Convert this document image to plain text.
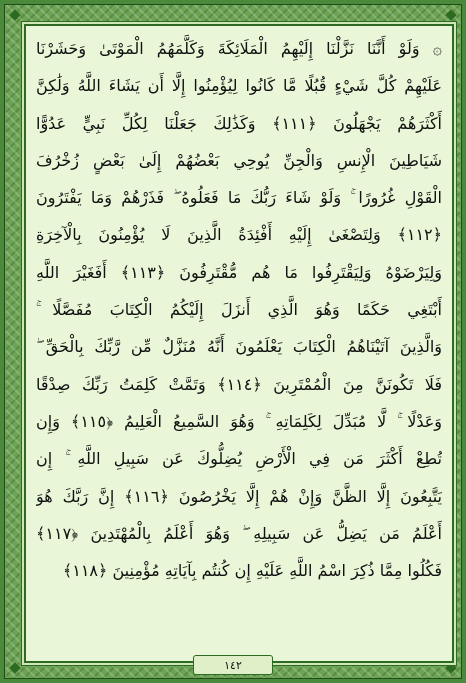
۞ وَلَوْ أَنَّنَا نَزَّلْنَا إِلَيْهِمُ الْمَلَائِكَةَ وَكَلَّمَهُمُ الْمَوْتَىٰ وَحَشَرْنَا
عَلَيْهِمْ كُلَّ شَيْءٍ قُبُلًا مَّا كَانُوا لِيُؤْمِنُوا إِلَّا أَن يَشَاءَ اللَّهُ وَلَٰكِنَّ
أَكْثَرَهُمْ يَجْهَلُونَ ﴿١١١﴾ وَكَذَٰلِكَ جَعَلْنَا لِكُلِّ نَبِيٍّ عَدُوًّا
شَيَاطِينَ الْإِنسِ وَالْجِنِّ يُوحِي بَعْضُهُمْ إِلَىٰ بَعْضٍ زُخْرُفَ
الْقَوْلِ غُرُورًا ۚ وَلَوْ شَاءَ رَبُّكَ مَا فَعَلُوهُ ۖ فَذَرْهُمْ وَمَا يَفْتَرُونَ
﴿١١٢﴾ وَلِتَصْغَىٰ إِلَيْهِ أَفْئِدَةُ الَّذِينَ لَا يُؤْمِنُونَ بِالْآخِرَةِ
وَلِيَرْضَوْهُ وَلِيَقْتَرِفُوا مَا هُم مُّقْتَرِفُونَ ﴿١١٣﴾ أَفَغَيْرَ اللَّهِ
أَبْتَغِي حَكَمًا وَهُوَ الَّذِي أَنزَلَ إِلَيْكُمُ الْكِتَابَ مُفَصَّلًا ۚ
وَالَّذِينَ آتَيْنَاهُمُ الْكِتَابَ يَعْلَمُونَ أَنَّهُ مُنَزَّلٌ مِّن رَّبِّكَ بِالْحَقِّ ۖ
فَلَا تَكُونَنَّ مِنَ الْمُمْتَرِينَ ﴿١١٤﴾ وَتَمَّتْ كَلِمَتُ رَبِّكَ صِدْقًا
وَعَدْلًا ۚ لَّا مُبَدِّلَ لِكَلِمَاتِهِ ۚ وَهُوَ السَّمِيعُ الْعَلِيمُ ﴿١١٥﴾ وَإِن
تُطِعْ أَكْثَرَ مَن فِي الْأَرْضِ يُضِلُّوكَ عَن سَبِيلِ اللَّهِ ۚ إِن
يَتَّبِعُونَ إِلَّا الظَّنَّ وَإِنْ هُمْ إِلَّا يَخْرُصُونَ ﴿١١٦﴾ إِنَّ رَبَّكَ هُوَ
أَعْلَمُ مَن يَضِلُّ عَن سَبِيلِهِ ۖ وَهُوَ أَعْلَمُ بِالْمُهْتَدِينَ ﴿١١٧﴾
فَكُلُوا مِمَّا ذُكِرَ اسْمُ اللَّهِ عَلَيْهِ إِن كُنتُم بِآيَاتِهِ مُؤْمِنِينَ ﴿١١٨﴾
١٤٢
